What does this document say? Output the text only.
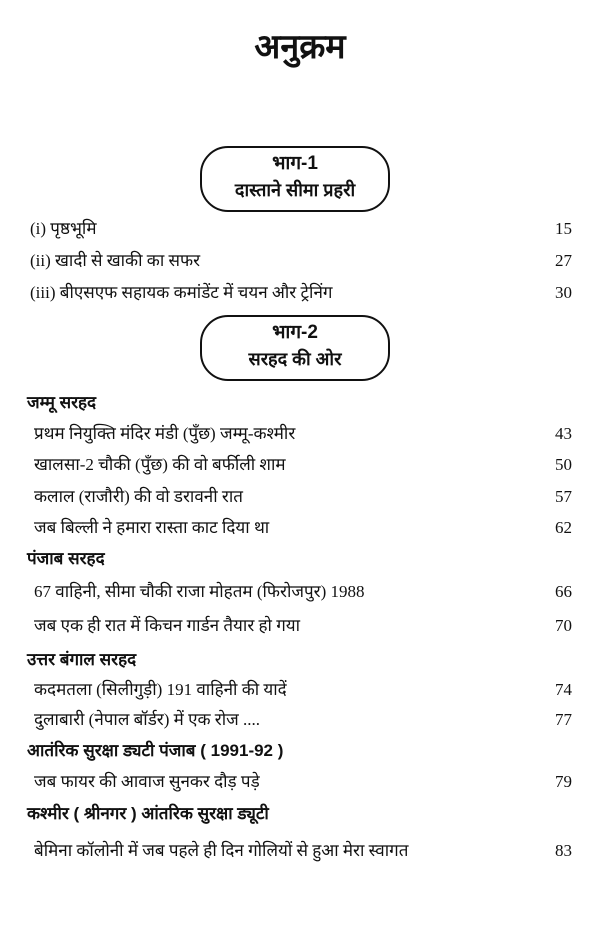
अनुक्रम
भाग-1
दास्ताने सीमा प्रहरी
(i) पृष्ठभूमि	15
(ii) खादी से खाकी का सफर	27
(iii) बीएसएफ सहायक कमांडेंट में चयन और ट्रेनिंग	30
भाग-2
सरहद की ओर
जम्मू सरहद
प्रथम नियुक्ति मंदिर मंडी (पुँछ) जम्मू-कश्मीर	43
खालसा-2 चौकी (पुँछ) की वो बर्फीली शाम	50
कलाल (राजौरी) की वो डरावनी रात	57
जब बिल्ली ने हमारा रास्ता काट दिया था	62
पंजाब सरहद
67 वाहिनी, सीमा चौकी राजा मोहतम (फिरोजपुर) 1988	66
जब एक ही रात में किचन गार्डन तैयार हो गया	70
उत्तर बंगाल सरहद
कदमतला (सिलीगुड़ी) 191 वाहिनी की यादें	74
दुलाबारी (नेपाल बॉर्डर) में एक रोज ....	77
आतंरिक सुरक्षा ड्यटी पंजाब ( 1991-92 )
जब फायर की आवाज सुनकर दौड़ पड़े	79
कश्मीर ( श्रीनगर ) आंतरिक सुरक्षा ड्यूटी
बेमिना कॉलोनी में जब पहले ही दिन गोलियों से हुआ मेरा स्वागत	83
